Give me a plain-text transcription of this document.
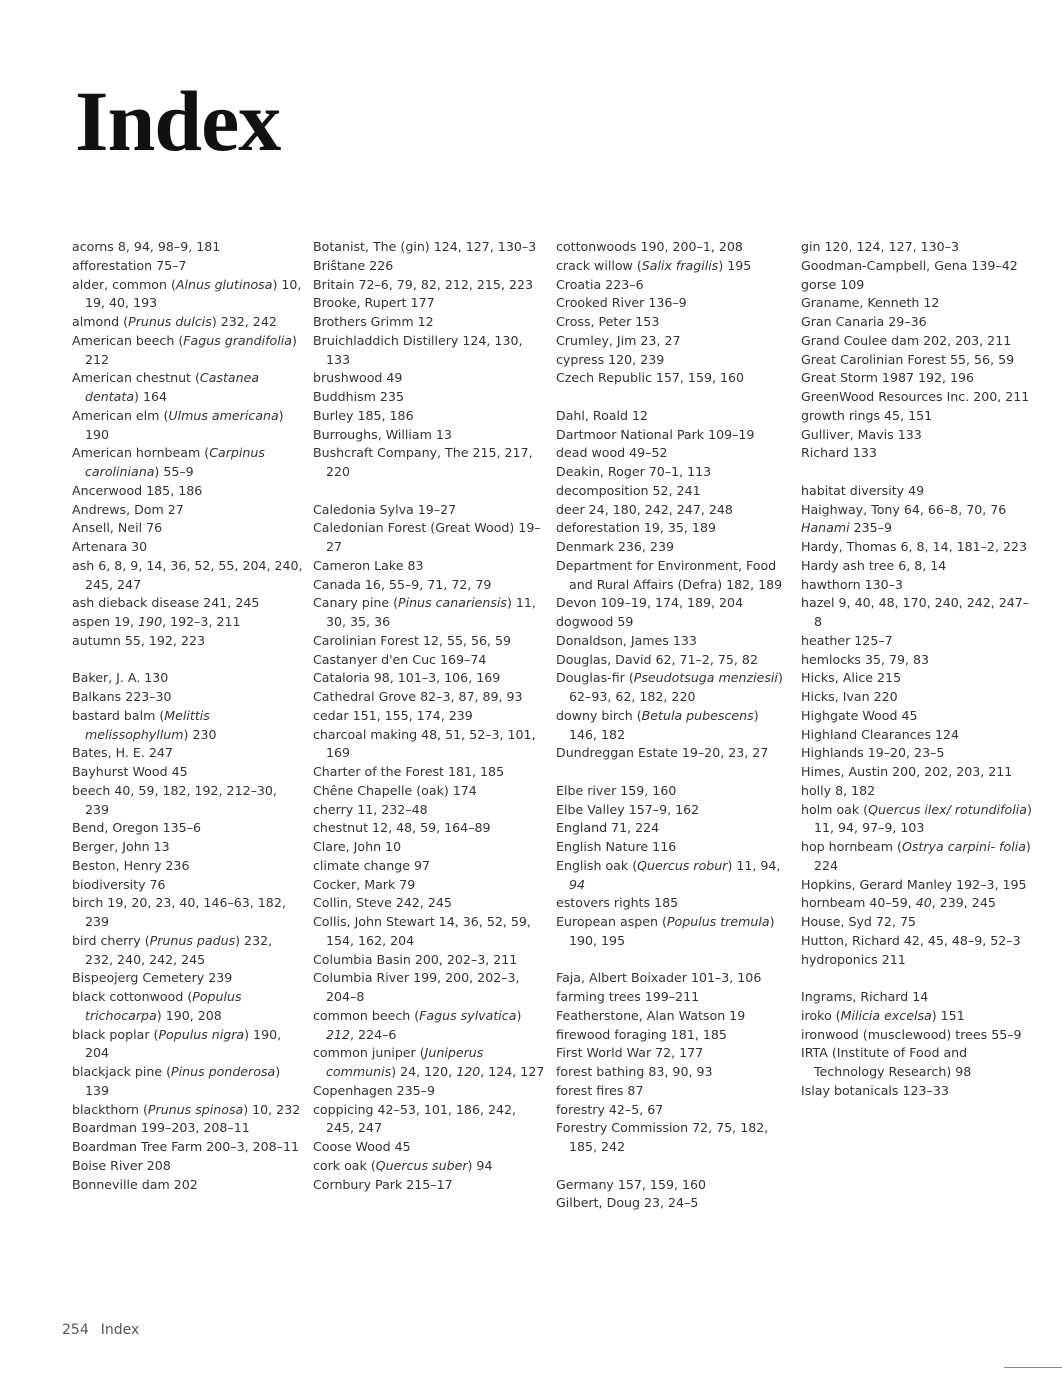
Index
acorns 8, 94, 98–9, 181
afforestation 75–7
alder, common (Alnus glutinosa) 10, 19, 40, 193
almond (Prunus dulcis) 232, 242
American beech (Fagus grandifolia) 212
American chestnut (Castanea dentata) 164
American elm (Ulmus americana) 190
American hornbeam (Carpinus caroliniana) 55–9
Ancerwood 185, 186
Andrews, Dom 27
Ansell, Neil 76
Artenara 30
ash 6, 8, 9, 14, 36, 52, 55, 204, 240, 245, 247
ash dieback disease 241, 245
aspen 19, 190, 192–3, 211
autumn 55, 192, 223
Baker, J. A. 130
Balkans 223–30
bastard balm (Melittis melissophyllum) 230
Bates, H. E. 247
Bayhurst Wood 45
beech 40, 59, 182, 192, 212–30, 239
Bend, Oregon 135–6
Berger, John 13
Beston, Henry 236
biodiversity 76
birch 19, 20, 23, 40, 146–63, 182, 239
bird cherry (Prunus padus) 232, 232, 240, 242, 245
Bispeojerg Cemetery 239
black cottonwood (Populus trichocarpa) 190, 208
black poplar (Populus nigra) 190, 204
blackjack pine (Pinus ponderosa) 139
blackthorn (Prunus spinosa) 10, 232
Boardman 199–203, 208–11
Boardman Tree Farm 200–3, 208–11
Boise River 208
Bonneville dam 202
Botanist, The (gin) 124, 127, 130–3
Briŝtane 226
Britain 72–6, 79, 82, 212, 215, 223
Brooke, Rupert 177
Brothers Grimm 12
Bruichladdich Distillery 124, 130, 133
brushwood 49
Buddhism 235
Burley 185, 186
Burroughs, William 13
Bushcraft Company, The 215, 217, 220
Caledonia Sylva 19–27
Caledonian Forest (Great Wood) 19–27
Cameron Lake 83
Canada 16, 55–9, 71, 72, 79
Canary pine (Pinus canariensis) 11, 30, 35, 36
Carolinian Forest 12, 55, 56, 59
Castanyer d'en Cuc 169–74
Cataloria 98, 101–3, 106, 169
Cathedral Grove 82–3, 87, 89, 93
cedar 151, 155, 174, 239
charcoal making 48, 51, 52–3, 101, 169
Charter of the Forest 181, 185
Chêne Chapelle (oak) 174
cherry 11, 232–48
chestnut 12, 48, 59, 164–89
Clare, John 10
climate change 97
Cocker, Mark 79
Collin, Steve 242, 245
Collis, John Stewart 14, 36, 52, 59, 154, 162, 204
Columbia Basin 200, 202–3, 211
Columbia River 199, 200, 202–3, 204–8
common beech (Fagus sylvatica) 212, 224–6
common juniper (Juniperus communis) 24, 120, 120, 124, 127
Copenhagen 235–9
coppicing 42–53, 101, 186, 242, 245, 247
Coose Wood 45
cork oak (Quercus suber) 94
Cornbury Park 215–17
cottonwoods 190, 200–1, 208
crack willow (Salix fragilis) 195
Croatia 223–6
Crooked River 136–9
Cross, Peter 153
Crumley, Jim 23, 27
cypress 120, 239
Czech Republic 157, 159, 160
Dahl, Roald 12
Dartmoor National Park 109–19
dead wood 49–52
Deakin, Roger 70–1, 113
decomposition 52, 241
deer 24, 180, 242, 247, 248
deforestation 19, 35, 189
Denmark 236, 239
Department for Environment, Food and Rural Affairs (Defra) 182, 189
Devon 109–19, 174, 189, 204
dogwood 59
Donaldson, James 133
Douglas, David 62, 71–2, 75, 82
Douglas-fir (Pseudotsuga menziesii) 62–93, 62, 182, 220
downy birch (Betula pubescens) 146, 182
Dundreggan Estate 19–20, 23, 27
Elbe river 159, 160
Elbe Valley 157–9, 162
England 71, 224
English Nature 116
English oak (Quercus robur) 11, 94, 94
estovers rights 185
European aspen (Populus tremula) 190, 195
Faja, Albert Boixader 101–3, 106
farming trees 199–211
Featherstone, Alan Watson 19
firewood foraging 181, 185
First World War 72, 177
forest bathing 83, 90, 93
forest fires 87
forestry 42–5, 67
Forestry Commission 72, 75, 182, 185, 242
Germany 157, 159, 160
Gilbert, Doug 23, 24–5
gin 120, 124, 127, 130–3
Goodman-Campbell, Gena 139–42
gorse 109
Graname, Kenneth 12
Gran Canaria 29–36
Grand Coulee dam 202, 203, 211
Great Carolinian Forest 55, 56, 59
Great Storm 1987 192, 196
GreenWood Resources Inc. 200, 211
growth rings 45, 151
Gulliver, Mavis 133
Richard 133
habitat diversity 49
Haighway, Tony 64, 66–8, 70, 76
Hanami 235–9
Hardy, Thomas 6, 8, 14, 181–2, 223
Hardy ash tree 6, 8, 14
hawthorn 130–3
hazel 9, 40, 48, 170, 240, 242, 247–8
heather 125–7
hemlocks 35, 79, 83
Hicks, Alice 215
Hicks, Ivan 220
Highgate Wood 45
Highland Clearances 124
Highlands 19–20, 23–5
Himes, Austin 200, 202, 203, 211
holly 8, 182
holm oak (Quercus ilex/ rotundifolia) 11, 94, 97–9, 103
hop hornbeam (Ostrya carpini- folia) 224
Hopkins, Gerard Manley 192–3, 195
hornbeam 40–59, 40, 239, 245
House, Syd 72, 75
Hutton, Richard 42, 45, 48–9, 52–3
hydroponics 211
Ingrams, Richard 14
iroko (Milicia excelsa) 151
ironwood (musclewood) trees 55–9
IRTA (Institute of Food and Technology Research) 98
Islay botanicals 123–33
254 Index
